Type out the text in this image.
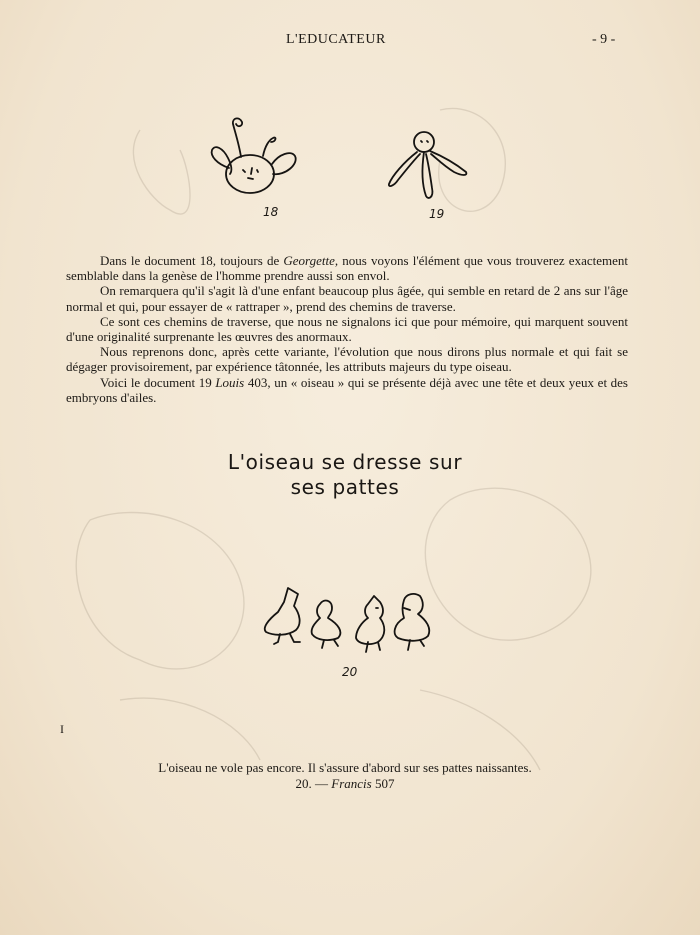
L'EDUCATEUR	- 9 -
18	19

Dans le document 18, toujours de Georgette, nous voyons l'élément que vous trouverez exactement semblable dans la genèse de l'homme prendre aussi son envol.

On remarquera qu'il s'agit là d'une enfant beaucoup plus âgée, qui semble en retard de 2 ans sur l'âge normal et qui, pour essayer de « rattraper », prend des chemins de traverse.

Ce sont ces chemins de traverse, que nous ne signalons ici que pour mémoire, qui marquent souvent d'une originalité surprenante les œuvres des anormaux.

Nous reprenons donc, après cette variante, l'évolution que nous dirons plus normale et qui fait se dégager provisoirement, par expérience tâtonnée, les attributs majeurs du type oiseau.

Voici le document 19 Louis 403, un « oiseau » qui se présente déjà avec une tête et deux yeux et des embryons d'ailes.

L'oiseau se dresse sur
ses pattes
20
I
L'oiseau ne vole pas encore. Il s'assure d'abord sur ses pattes naissantes.
20. — Francis 507
